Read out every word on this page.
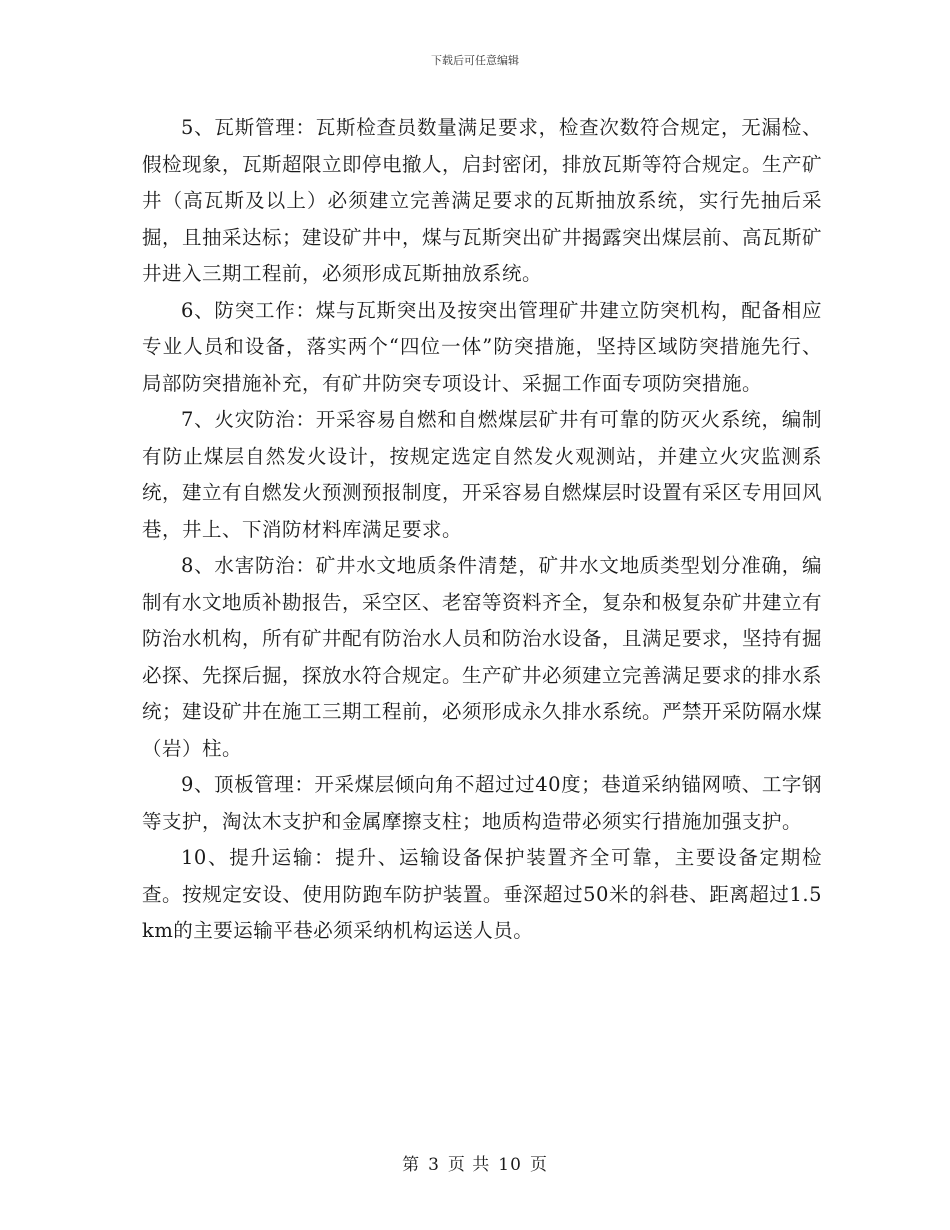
下载后可任意编辑

5、瓦斯管理：瓦斯检查员数量满足要求，检查次数符合规定，无漏检、假检现象，瓦斯超限立即停电撤人，启封密闭，排放瓦斯等符合规定。生产矿井（高瓦斯及以上）必须建立完善满足要求的瓦斯抽放系统，实行先抽后采掘，且抽采达标；建设矿井中，煤与瓦斯突出矿井揭露突出煤层前、高瓦斯矿井进入三期工程前，必须形成瓦斯抽放系统。

6、防突工作：煤与瓦斯突出及按突出管理矿井建立防突机构，配备相应专业人员和设备，落实两个“四位一体”防突措施，坚持区域防突措施先行、局部防突措施补充，有矿井防突专项设计、采掘工作面专项防突措施。

7、火灾防治：开采容易自燃和自燃煤层矿井有可靠的防灭火系统，编制有防止煤层自然发火设计，按规定选定自然发火观测站，并建立火灾监测系统，建立有自燃发火预测预报制度，开采容易自燃煤层时设置有采区专用回风巷，井上、下消防材料库满足要求。

8、水害防治：矿井水文地质条件清楚，矿井水文地质类型划分准确，编制有水文地质补勘报告，采空区、老窑等资料齐全，复杂和极复杂矿井建立有防治水机构，所有矿井配有防治水人员和防治水设备，且满足要求，坚持有掘必探、先探后掘，探放水符合规定。生产矿井必须建立完善满足要求的排水系统；建设矿井在施工三期工程前，必须形成永久排水系统。严禁开采防隔水煤（岩）柱。

9、顶板管理：开采煤层倾向角不超过过40度；巷道采纳锚网喷、工字钢等支护，淘汰木支护和金属摩擦支柱；地质构造带必须实行措施加强支护。

10、提升运输：提升、运输设备保护装置齐全可靠，主要设备定期检查。按规定安设、使用防跑车防护装置。垂深超过50米的斜巷、距离超过1.5km的主要运输平巷必须采纳机构运送人员。

第 3 页 共 10 页
